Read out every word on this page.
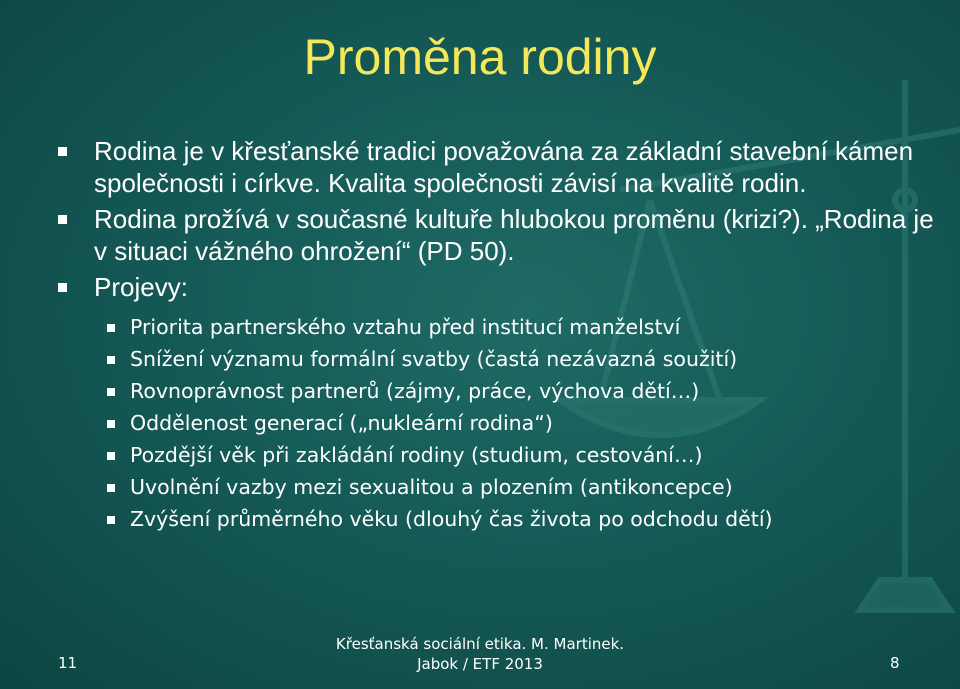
Proměna rodiny
Rodina je v křesťanské tradici považována za základní stavební kámen společnosti i církve. Kvalita společnosti závisí na kvalitě rodin.
Rodina prožívá v současné kultuře hlubokou proměnu (krizi?). „Rodina je v situaci vážného ohrožení“ (PD 50).
Projevy:
Priorita partnerského vztahu před institucí manželství
Snížení významu formální svatby (častá nezávazná soužití)
Rovnoprávnost partnerů (zájmy, práce, výchova dětí…)
Oddělenost generací („nukleární rodina“)
Pozdější věk při zakládání rodiny (studium, cestování…)
Uvolnění vazby mezi sexualitou a plozením (antikoncepce)
Zvýšení průměrného věku (dlouhý čas života po odchodu dětí)
11
Křesťanská sociální etika. M. Martinek.
Jabok / ETF 2013	8
